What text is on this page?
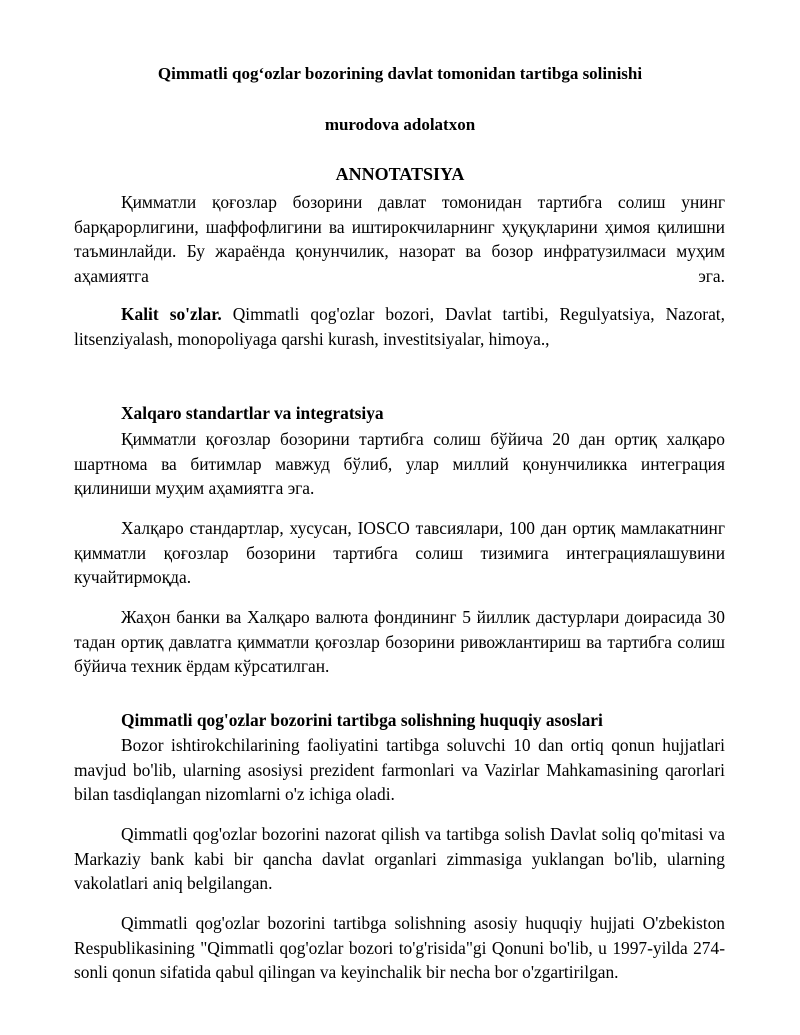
Qimmatli qog‘ozlar bozorining davlat tomonidan tartibga solinishi

murodova adolatxon

ANNOTATSIYA

Қимматли қоғозлар бозорини давлат томонидан тартибга солиш унинг барқарорлигини, шаффофлигини ва иштирокчиларнинг ҳуқуқларини ҳимоя қилишни таъминлайди. Бу жараёнда қонунчилик, назорат ва бозор инфратузилмаси муҳим аҳамиятга эга.

Kalit so'zlar. Qimmatli qog'ozlar bozori, Davlat tartibi, Regulyatsiya, Nazorat, litsenziyalash, monopoliyaga qarshi kurash, investitsiyalar, himoya.,

Xalqaro standartlar va integratsiya

Қимматли қоғозлар бозорини тартибга солиш бўйича 20 дан ортиқ халқаро шартнома ва битимлар мавжуд бўлиб, улар миллий қонунчиликка интеграция қилиниши муҳим аҳамиятга эга.

Халқаро стандартлар, хусусан, IOSCO тавсиялари, 100 дан ортиқ мамлакатнинг қимматли қоғозлар бозорини тартибга солиш тизимига интеграциялашувини кучайтирмоқда.

Жаҳон банки ва Халқаро валюта фондининг 5 йиллик дастурлари доирасида 30 тадан ортиқ давлатга қимматли қоғозлар бозорини ривожлантириш ва тартибга солиш бўйича техник ёрдам кўрсатилган.

Qimmatli qog'ozlar bozorini tartibga solishning huquqiy asoslari

Bozor ishtirokchilarining faoliyatini tartibga soluvchi 10 dan ortiq qonun hujjatlari mavjud bo'lib, ularning asosiysi prezident farmonlari va Vazirlar Mahkamasining qarorlari bilan tasdiqlangan nizomlarni o'z ichiga oladi.

Qimmatli qog'ozlar bozorini nazorat qilish va tartibga solish Davlat soliq qo'mitasi va Markaziy bank kabi bir qancha davlat organlari zimmasiga yuklangan bo'lib, ularning vakolatlari aniq belgilangan.

Qimmatli qog'ozlar bozorini tartibga solishning asosiy huquqiy hujjati O'zbekiston Respublikasining "Qimmatli qog'ozlar bozori to'g'risida"gi Qonuni bo'lib, u 1997-yilda 274-sonli qonun sifatida qabul qilingan va keyinchalik bir necha bor o'zgartirilgan.
